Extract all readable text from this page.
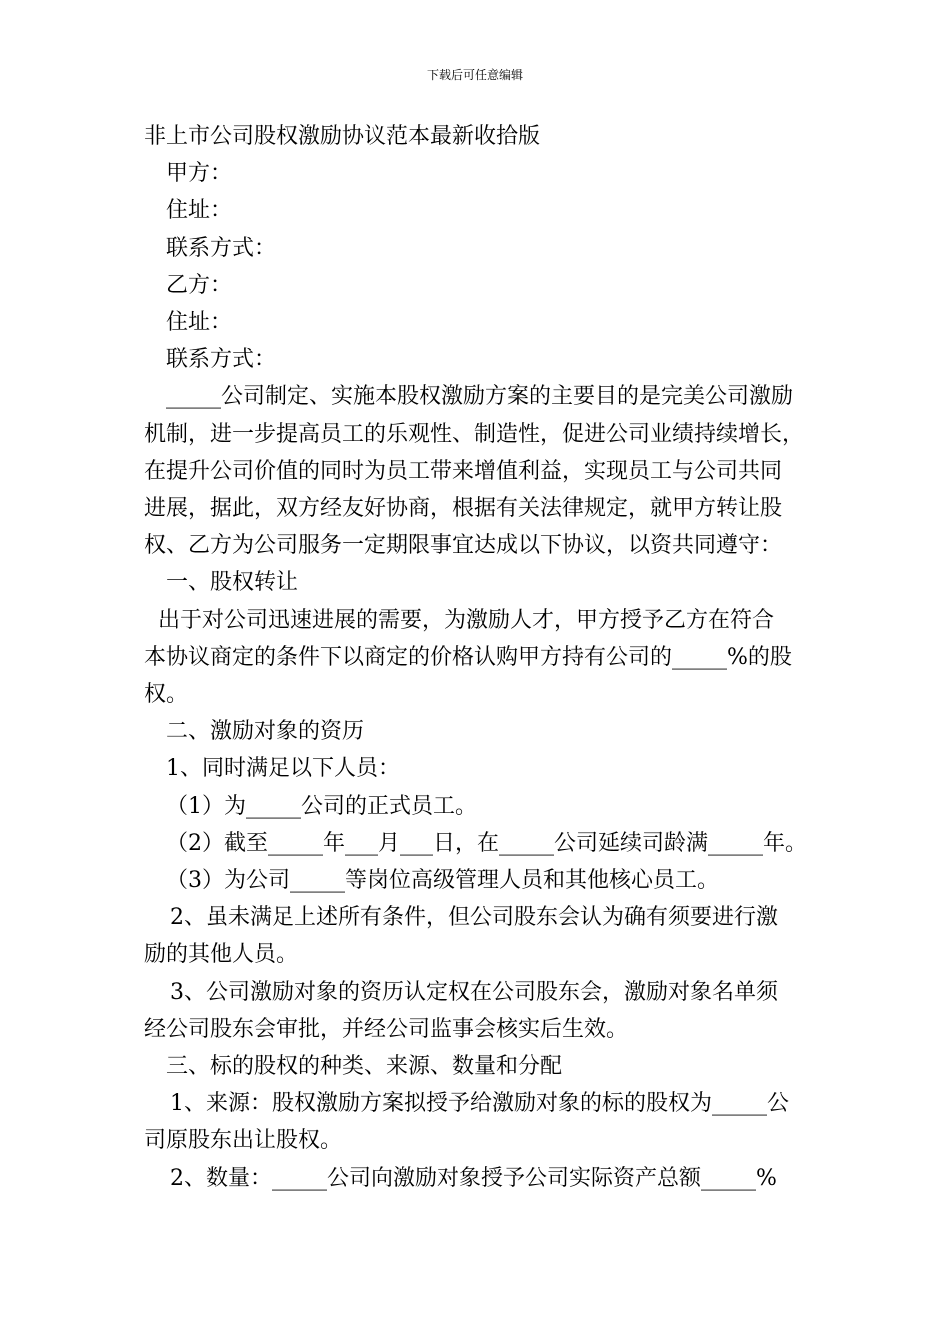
下载后可任意编辑
非上市公司股权激励协议范本最新收拾版
甲方：
住址：
联系方式：
乙方：
住址：
联系方式：
_____公司制定、实施本股权激励方案的主要目的是完美公司激励
机制，进一步提高员工的乐观性、制造性，促进公司业绩持续增长，
在提升公司价值的同时为员工带来增值利益，实现员工与公司共同
进展，据此，双方经友好协商，根据有关法律规定，就甲方转让股
权、乙方为公司服务一定期限事宜达成以下协议，以资共同遵守：
一、股权转让
出于对公司迅速进展的需要，为激励人才，甲方授予乙方在符合
本协议商定的条件下以商定的价格认购甲方持有公司的_____%的股
权。
二、激励对象的资历
1、同时满足以下人员：
（1）为_____公司的正式员工。
（2）截至_____年___月___日，在_____公司延续司龄满_____年。
（3）为公司_____等岗位高级管理人员和其他核心员工。
2、虽未满足上述所有条件，但公司股东会认为确有须要进行激
励的其他人员。
3、公司激励对象的资历认定权在公司股东会，激励对象名单须
经公司股东会审批，并经公司监事会核实后生效。
三、标的股权的种类、来源、数量和分配
1、来源：股权激励方案拟授予给激励对象的标的股权为_____公
司原股东出让股权。
2、数量：_____公司向激励对象授予公司实际资产总额_____%
